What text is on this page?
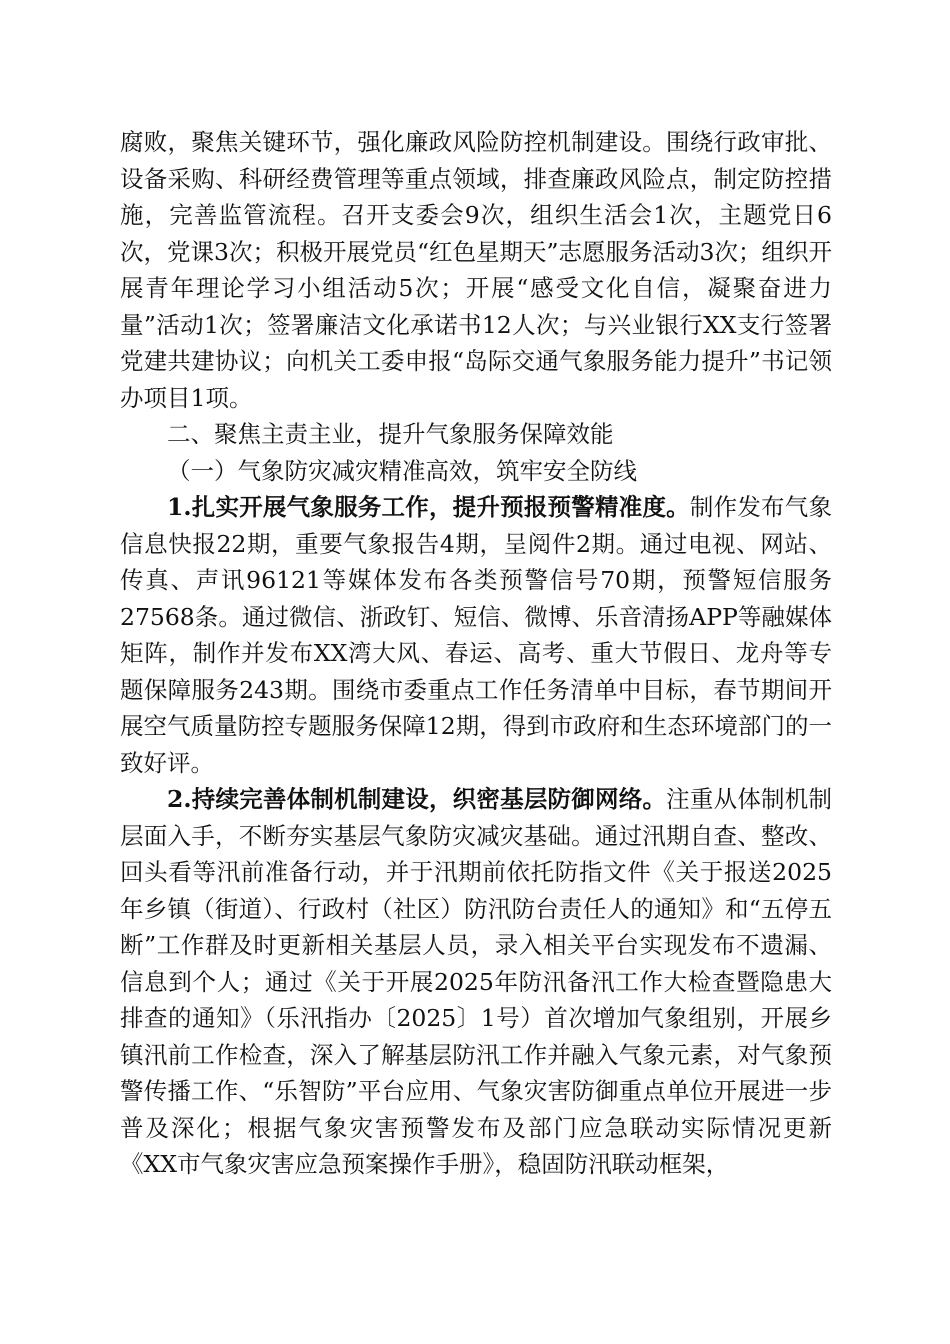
腐败，聚焦关键环节，强化廉政风险防控机制建设。围绕行政审批、设备采购、科研经费管理等重点领域，排查廉政风险点，制定防控措施，完善监管流程。召开支委会9次，组织生活会1次，主题党日6次，党课3次；积极开展党员“红色星期天”志愿服务活动3次；组织开展青年理论学习小组活动5次；开展“感受文化自信，凝聚奋进力量”活动1次；签署廉洁文化承诺书12人次；与兴业银行XX支行签署党建共建协议；向机关工委申报“岛际交通气象服务能力提升”书记领办项目1项。

二、聚焦主责主业，提升气象服务保障效能

（一）气象防灾减灾精准高效，筑牢安全防线

1.扎实开展气象服务工作，提升预报预警精准度。制作发布气象信息快报22期，重要气象报告4期，呈阅件2期。通过电视、网站、传真、声讯96121等媒体发布各类预警信号70期，预警短信服务27568条。通过微信、浙政钉、短信、微博、乐音清扬APP等融媒体矩阵，制作并发布XX湾大风、春运、高考、重大节假日、龙舟等专题保障服务243期。围绕市委重点工作任务清单中目标，春节期间开展空气质量防控专题服务保障12期，得到市政府和生态环境部门的一致好评。

2.持续完善体制机制建设，织密基层防御网络。注重从体制机制层面入手，不断夯实基层气象防灾减灾基础。通过汛期自查、整改、回头看等汛前准备行动，并于汛期前依托防指文件《关于报送2025年乡镇（街道）、行政村（社区）防汛防台责任人的通知》和“五停五断”工作群及时更新相关基层人员，录入相关平台实现发布不遗漏、信息到个人；通过《关于开展2025年防汛备汛工作大检查暨隐患大排查的通知》（乐汛指办〔2025〕1号）首次增加气象组别，开展乡镇汛前工作检查，深入了解基层防汛工作并融入气象元素，对气象预警传播工作、“乐智防”平台应用、气象灾害防御重点单位开展进一步普及深化；根据气象灾害预警发布及部门应急联动实际情况更新《XX市气象灾害应急预案操作手册》，稳固防汛联动框架，
